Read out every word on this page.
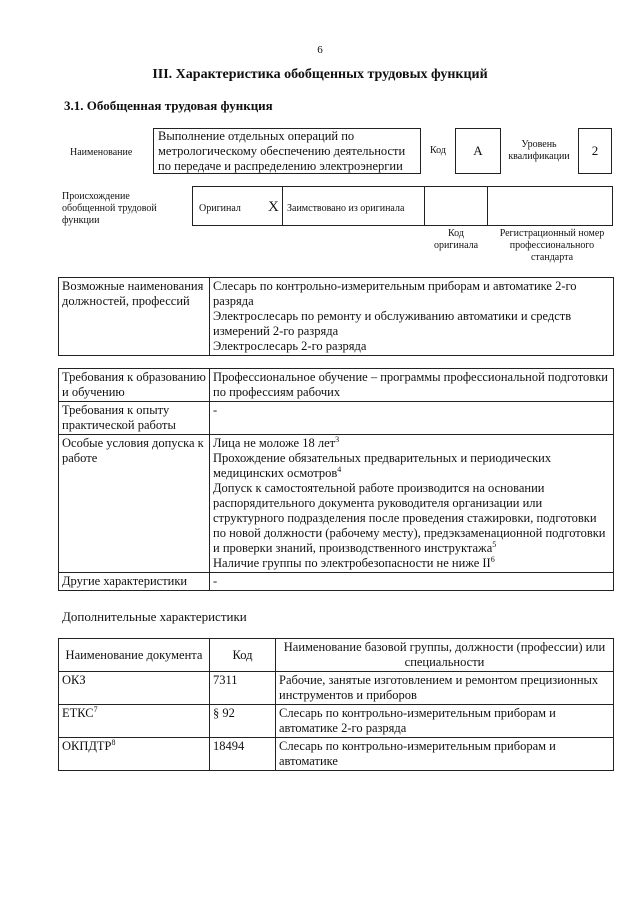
6
III. Характеристика обобщенных трудовых функций
3.1. Обобщенная трудовая функция
Наименование
Выполнение отдельных операций по метрологическому обеспечению деятельности по передаче и распределению электроэнергии
Код	А	Уровень квалификации	2
Происхождение обобщенной трудовой функции
Оригинал X Заимствовано из оригинала
Код оригинала
Регистрационный номер профессионального стандарта
Возможные наименования должностей, профессий	
Слесарь по контрольно-измерительным приборам и автоматике 2-го разряда
Электрослесарь по ремонту и обслуживанию автоматики и средств измерений 2-го разряда
Электрослесарь 2-го разряда
Требования к образованию и обучению	Профессиональное обучение – программы профессиональной подготовки по профессиям рабочих
Требования к опыту практической работы	-
Особые условия допуска к работе	Лица не моложе 18 лет$^3$
Прохождение обязательных предварительных и периодических медицинских осмотров$^4$
Допуск к самостоятельной работе производится на основании распорядительного документа руководителя организации или структурного подразделения после проведения стажировки, подготовки по новой должности (рабочему месту), предэкзаменационной подготовки и проверки знаний, производственного инструктажа$^5$
Наличие группы по электробезопасности не ниже $II^6$

Другие характеристики	-
Дополнительные характеристики
Наименование документа	Код	Наименование базовой группы, должности (профессии) или специальности
ОКЗ	7311	Рабочие, занятые изготовлением и ремонтом прецизионных инструментов и приборов
ЕТКС$^7$	§ 92	Слесарь по контрольно-измерительным приборам и автоматике 2-го разряда
ОКПДТР$^8$	18494	Слесарь по контрольно-измерительным приборам и автоматике
